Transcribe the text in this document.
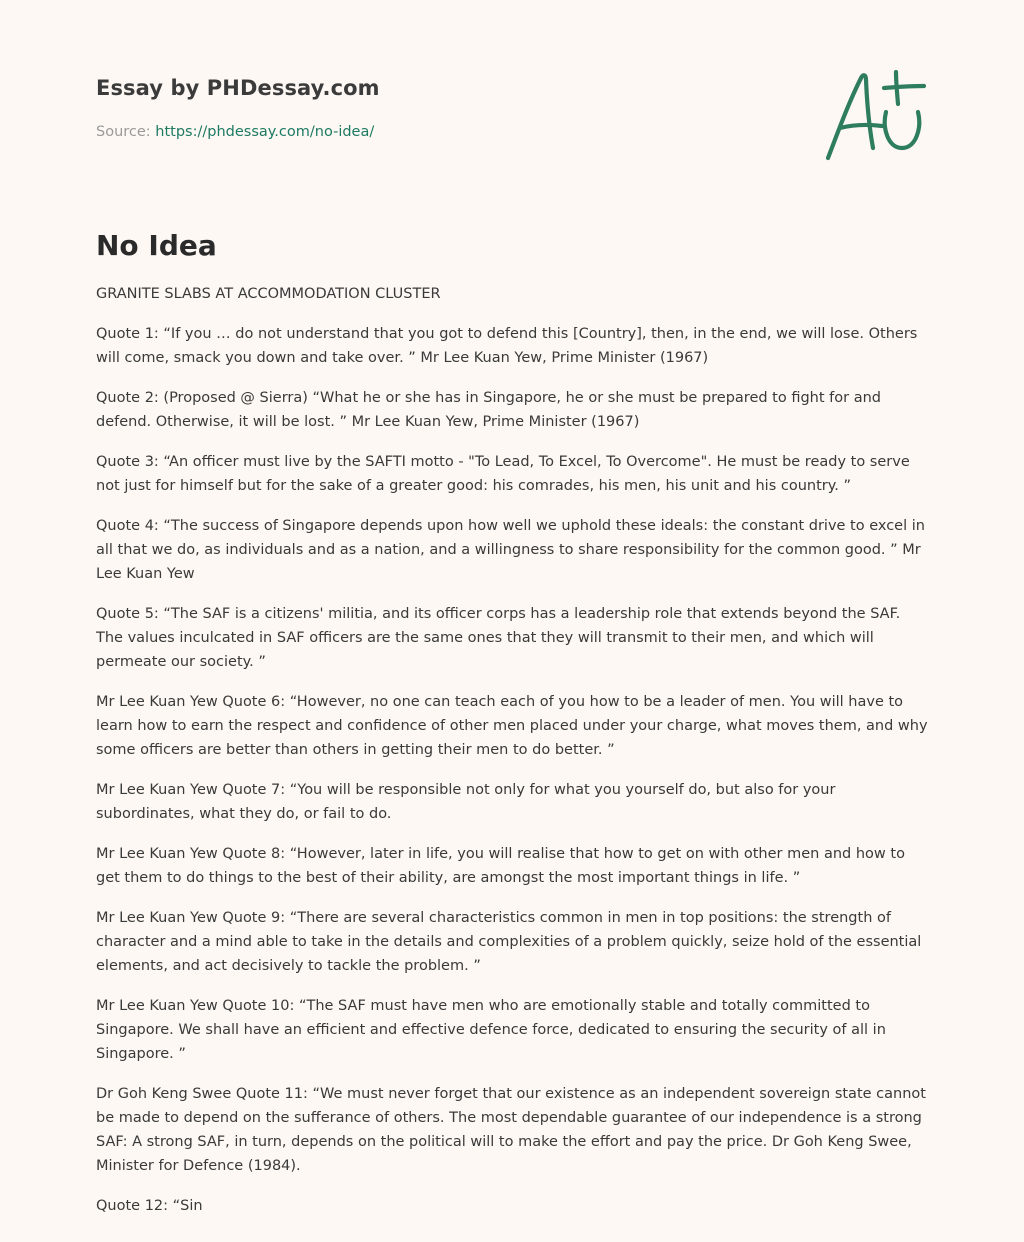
Essay by PHDessay.com
Source: https://phdessay.com/no-idea/
No Idea

GRANITE SLABS AT ACCOMMODATION CLUSTER

Quote 1: “If you … do not understand that you got to defend this [Country], then, in the end, we will lose. Others will come, smack you down and take over. ” Mr Lee Kuan Yew, Prime Minister (1967)

Quote 2: (Proposed @ Sierra) “What he or she has in Singapore, he or she must be prepared to fight for and defend. Otherwise, it will be lost. ” Mr Lee Kuan Yew, Prime Minister (1967)

Quote 3: “An officer must live by the SAFTI motto - "To Lead, To Excel, To Overcome". He must be ready to serve not just for himself but for the sake of a greater good: his comrades, his men, his unit and his country. ”

Quote 4: “The success of Singapore depends upon how well we uphold these ideals: the constant drive to excel in all that we do, as individuals and as a nation, and a willingness to share responsibility for the common good. ” Mr Lee Kuan Yew

Quote 5: “The SAF is a citizens' militia, and its officer corps has a leadership role that extends beyond the SAF. The values inculcated in SAF officers are the same ones that they will transmit to their men, and which will permeate our society. ”

Mr Lee Kuan Yew Quote 6: “However, no one can teach each of you how to be a leader of men. You will have to learn how to earn the respect and confidence of other men placed under your charge, what moves them, and why some officers are better than others in getting their men to do better. ”

Mr Lee Kuan Yew Quote 7: “You will be responsible not only for what you yourself do, but also for your subordinates, what they do, or fail to do.

Mr Lee Kuan Yew Quote 8: “However, later in life, you will realise that how to get on with other men and how to get them to do things to the best of their ability, are amongst the most important things in life. ”

Mr Lee Kuan Yew Quote 9: “There are several characteristics common in men in top positions: the strength of character and a mind able to take in the details and complexities of a problem quickly, seize hold of the essential elements, and act decisively to tackle the problem. ”

Mr Lee Kuan Yew Quote 10: “The SAF must have men who are emotionally stable and totally committed to Singapore. We shall have an efficient and effective defence force, dedicated to ensuring the security of all in Singapore. ”

Dr Goh Keng Swee Quote 11: “We must never forget that our existence as an independent sovereign state cannot be made to depend on the sufferance of others. The most dependable guarantee of our independence is a strong SAF: A strong SAF, in turn, depends on the political will to make the effort and pay the price. Dr Goh Keng Swee, Minister for Defence (1984).

Quote 12: “Sin
